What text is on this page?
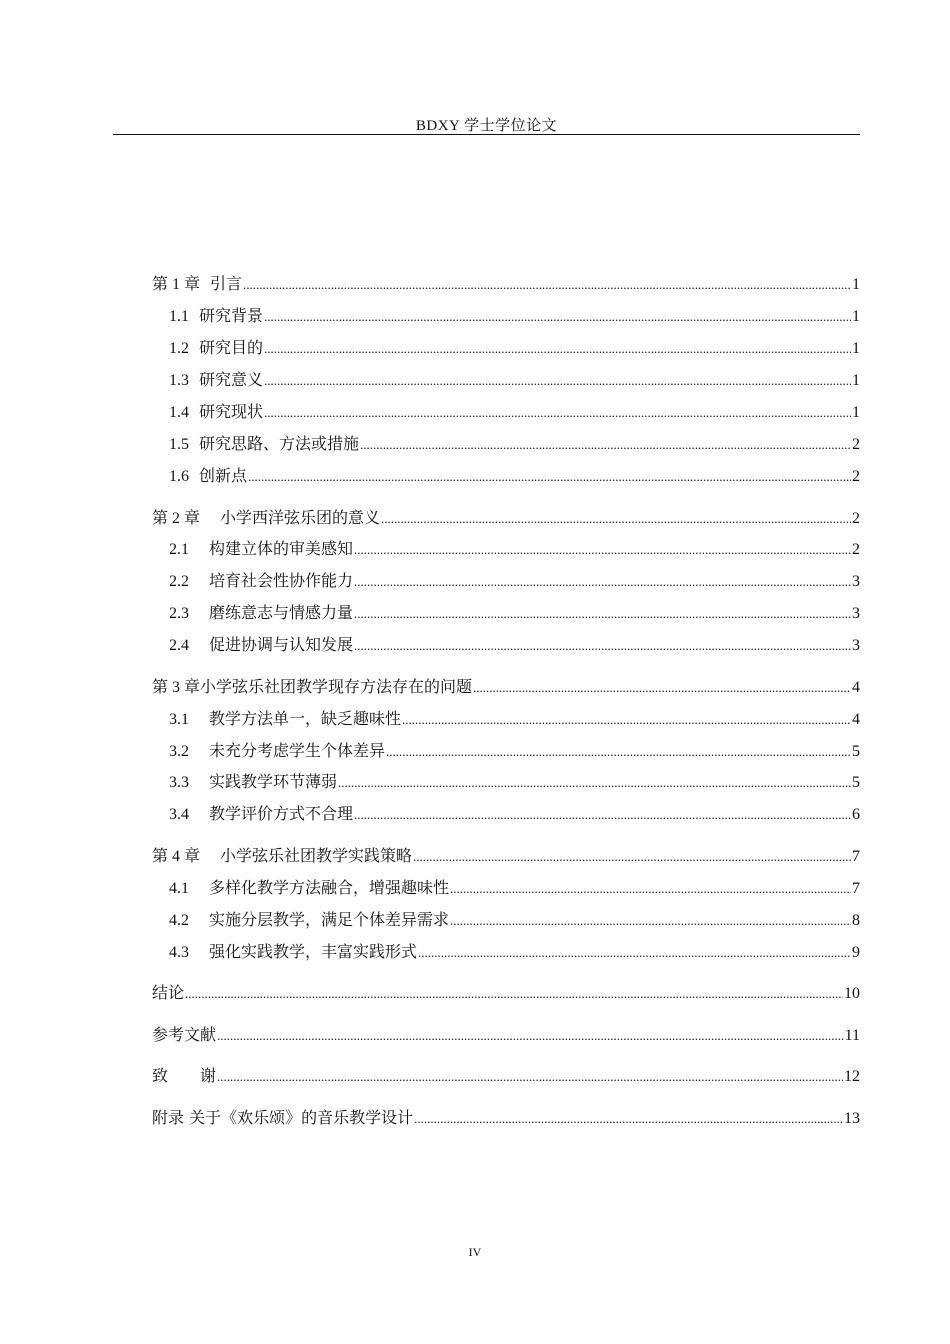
BDXY 学士学位论文
第 1 章 引言 .....	1
1.1 研究背景 .....	1
1.2 研究目的 .....	1
1.3 研究意义 .....	1
1.4 研究现状 .....	1
1.5 研究思路、方法或措施 .....	2
1.6 创新点 .....	2
第 2 章 小学西洋弦乐团的意义 .....	2
2.1 构建立体的审美感知 .....	2
2.2 培育社会性协作能力 .....	3
2.3 磨练意志与情感力量 .....	3
2.4 促进协调与认知发展 .....	3
第 3 章 小学弦乐社团教学现存方法存在的问题 .....	4
3.1 教学方法单一，缺乏趣味性 .....	4
3.2 未充分考虑学生个体差异 .....	5
3.3 实践教学环节薄弱 .....	5
3.4 教学评价方式不合理 .....	6
第 4 章 小学弦乐社团教学实践策略 .....	7
4.1 多样化教学方法融合，增强趣味性 .....	7
4.2 实施分层教学，满足个体差异需求 .....	8
4.3 强化实践教学，丰富实践形式 .....	9
结论 .....	10
参考文献 .....	11
致　　谢 .....	12
附录 关于《欢乐颂》的音乐教学设计 .....	13
IV
